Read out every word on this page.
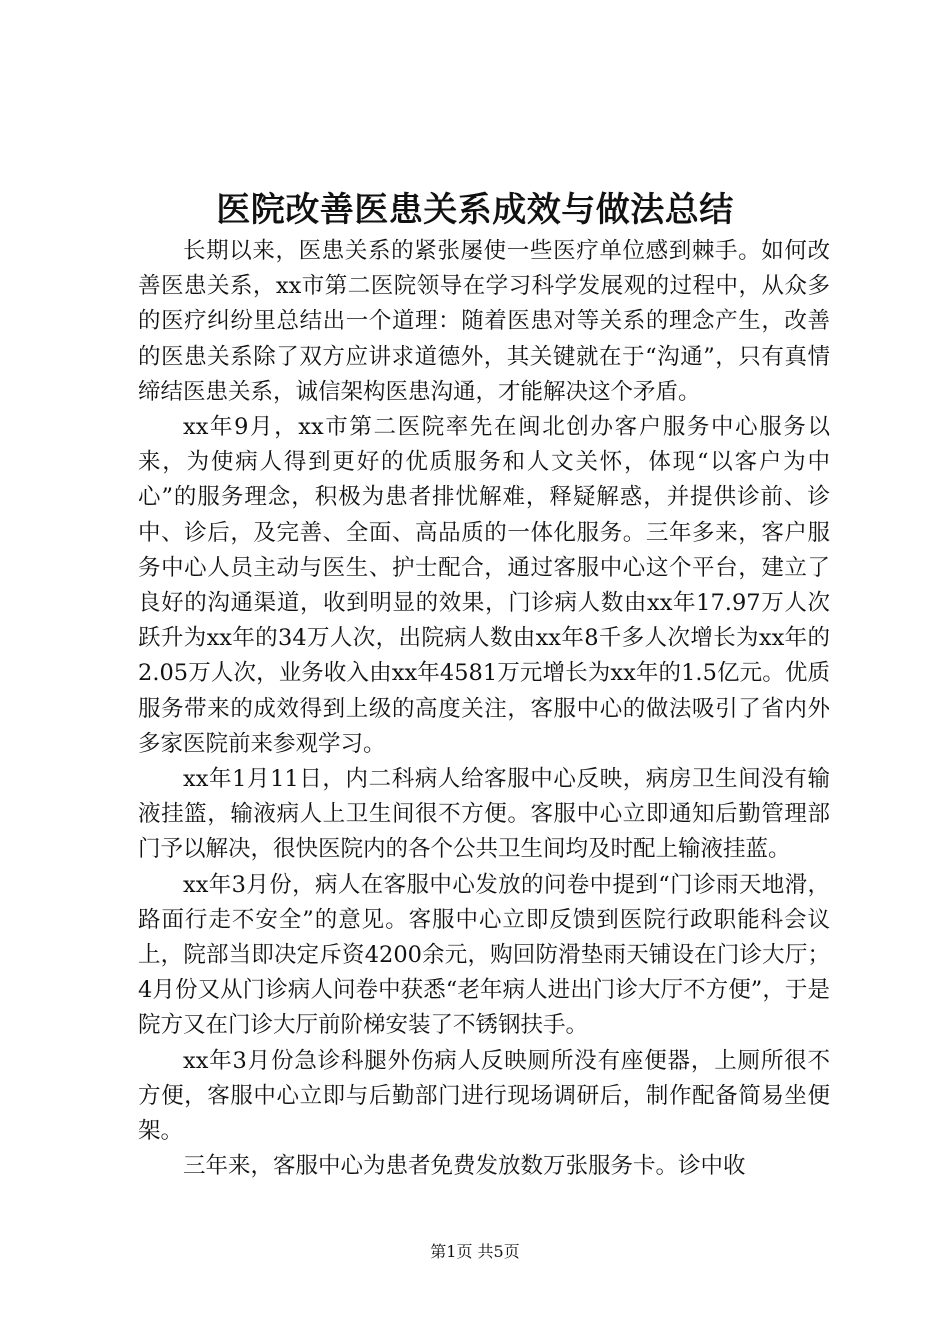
医院改善医患关系成效与做法总结

长期以来，医患关系的紧张屡使一些医疗单位感到棘手。如何改善医患关系，xx市第二医院领导在学习科学发展观的过程中，从众多的医疗纠纷里总结出一个道理：随着医患对等关系的理念产生，改善的医患关系除了双方应讲求道德外，其关键就在于“沟通”，只有真情缔结医患关系，诚信架构医患沟通，才能解决这个矛盾。

xx年9月，xx市第二医院率先在闽北创办客户服务中心服务以来，为使病人得到更好的优质服务和人文关怀，体现“以客户为中心”的服务理念，积极为患者排忧解难，释疑解惑，并提供诊前、诊中、诊后，及完善、全面、高品质的一体化服务。三年多来，客户服务中心人员主动与医生、护士配合，通过客服中心这个平台，建立了良好的沟通渠道，收到明显的效果，门诊病人数由xx年17.97万人次跃升为xx年的34万人次，出院病人数由xx年8千多人次增长为xx年的2.05万人次，业务收入由xx年4581万元增长为xx年的1.5亿元。优质服务带来的成效得到上级的高度关注，客服中心的做法吸引了省内外多家医院前来参观学习。

xx年1月11日，内二科病人给客服中心反映，病房卫生间没有输液挂篮，输液病人上卫生间很不方便。客服中心立即通知后勤管理部门予以解决，很快医院内的各个公共卫生间均及时配上输液挂蓝。

xx年3月份，病人在客服中心发放的问卷中提到“门诊雨天地滑，路面行走不安全”的意见。客服中心立即反馈到医院行政职能科会议上，院部当即决定斥资4200余元，购回防滑垫雨天铺设在门诊大厅；4月份又从门诊病人问卷中获悉“老年病人进出门诊大厅不方便”，于是院方又在门诊大厅前阶梯安装了不锈钢扶手。

xx年3月份急诊科腿外伤病人反映厕所没有座便器，上厕所很不方便，客服中心立即与后勤部门进行现场调研后，制作配备简易坐便架。

三年来，客服中心为患者免费发放数万张服务卡。诊中收

第1页 共5页
